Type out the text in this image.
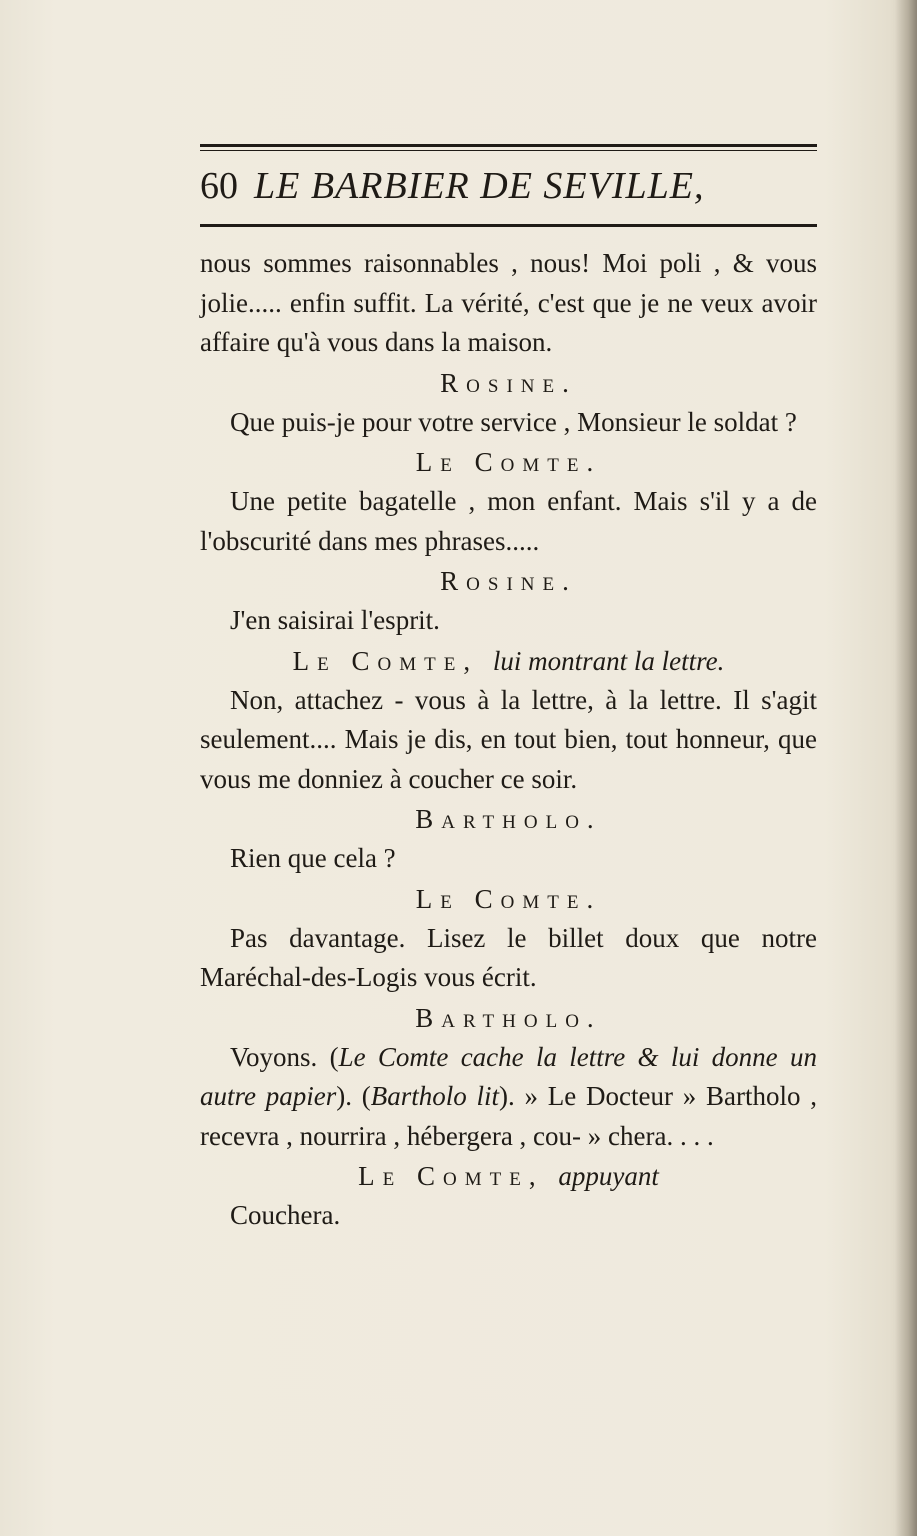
60 LE BARBIER DE SEVILLE,

nous sommes raisonnables , nous! Moi poli , & vous jolie..... enfin suffit. La vérité, c'est que je ne veux avoir affaire qu'à vous dans la maison.

Rosine.

Que puis-je pour votre service , Monsieur le soldat ?

Le Comte.

Une petite bagatelle , mon enfant. Mais s'il y a de l'obscurité dans mes phrases.....

Rosine.

J'en saisirai l'esprit.

Le Comte, lui montrant la lettre.

Non, attachez - vous à la lettre, à la lettre. Il s'agit seulement.... Mais je dis, en tout bien, tout honneur, que vous me donniez à coucher ce soir.

Bartholo.

Rien que cela ?

Le Comte.

Pas davantage. Lisez le billet doux que notre Maréchal-des-Logis vous écrit.

Bartholo.

Voyons. (Le Comte cache la lettre & lui donne un autre papier). (Bartholo lit). » Le Docteur » Bartholo , recevra , nourrira , hébergera , cou- » chera. . . .

Le Comte, appuyant

Couchera.
